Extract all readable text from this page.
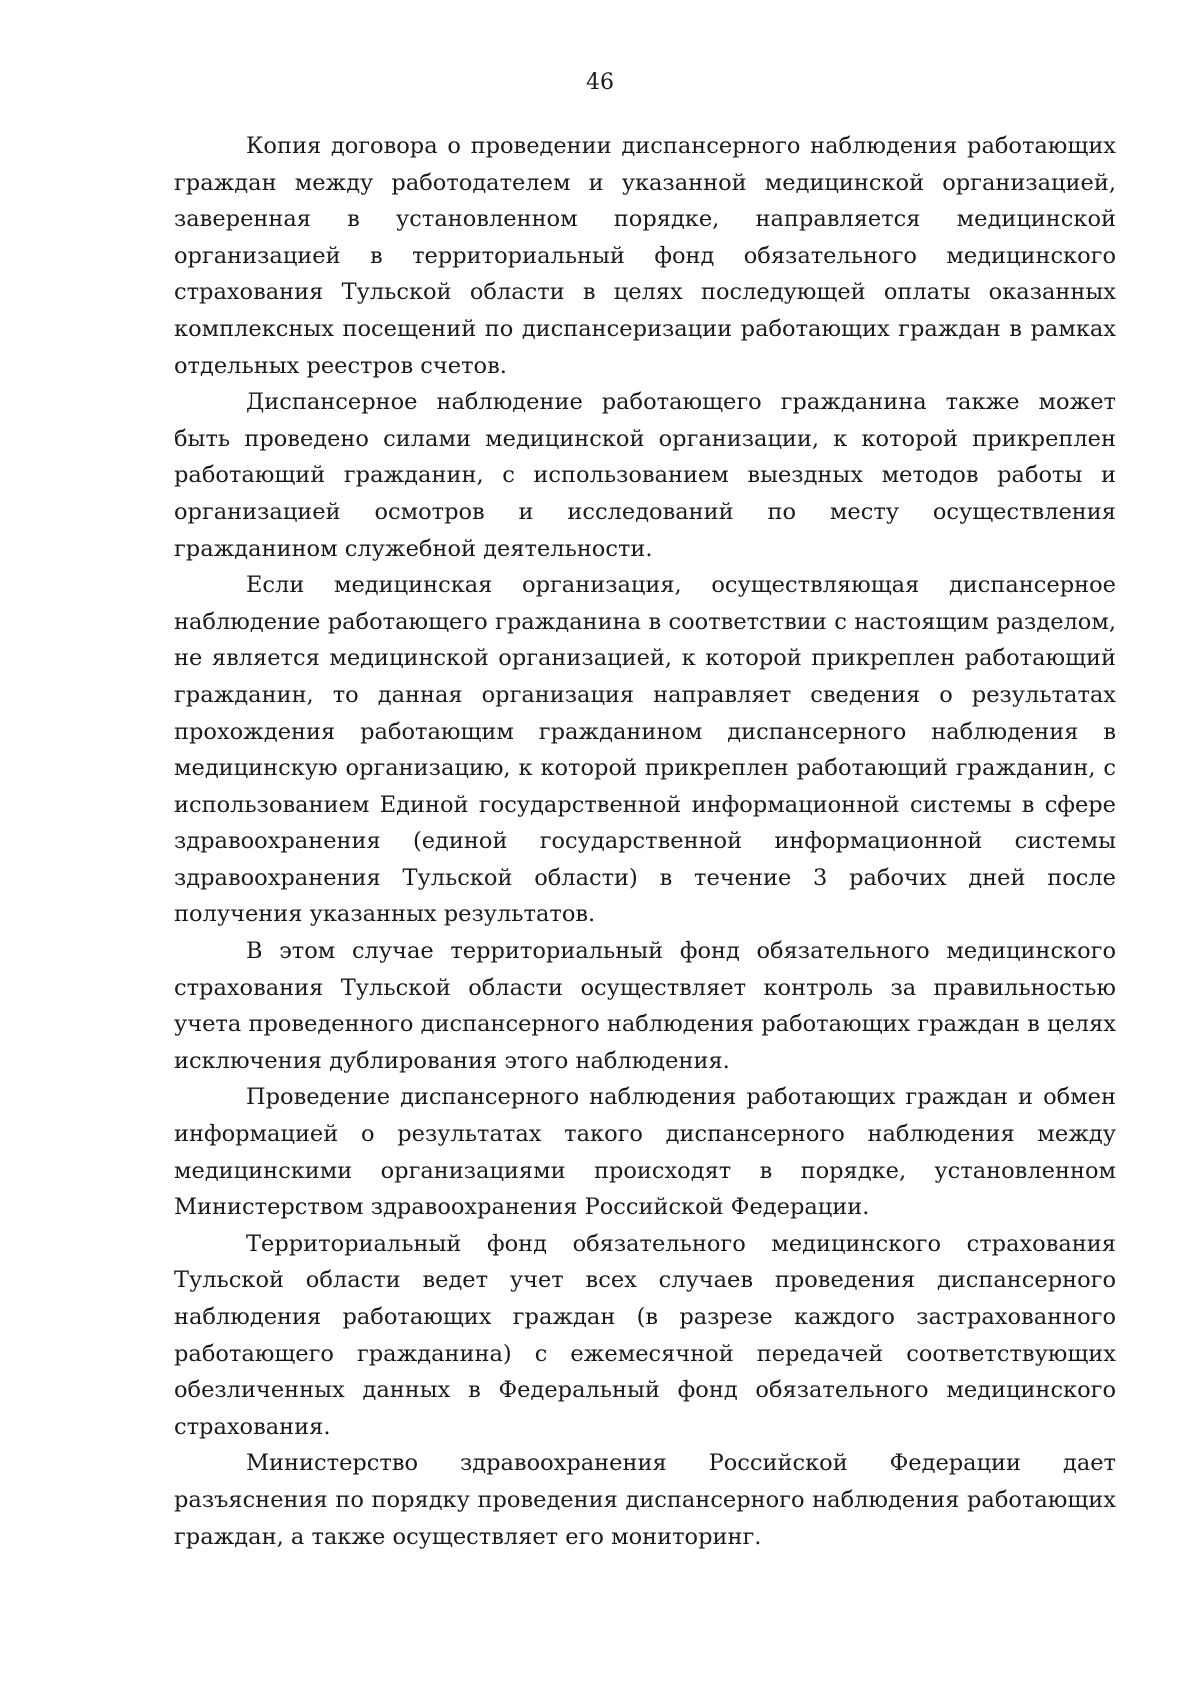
46

Копия договора о проведении диспансерного наблюдения работающих граждан между работодателем и указанной медицинской организацией, заверенная в установленном порядке, направляется медицинской организацией в территориальный фонд обязательного медицинского страхования Тульской области в целях последующей оплаты оказанных комплексных посещений по диспансеризации работающих граждан в рамках отдельных реестров счетов.

Диспансерное наблюдение работающего гражданина также может быть проведено силами медицинской организации, к которой прикреплен работающий гражданин, с использованием выездных методов работы и организацией осмотров и исследований по месту осуществления гражданином служебной деятельности.

Если медицинская организация, осуществляющая диспансерное наблюдение работающего гражданина в соответствии с настоящим разделом, не является медицинской организацией, к которой прикреплен работающий гражданин, то данная организация направляет сведения о результатах прохождения работающим гражданином диспансерного наблюдения в медицинскую организацию, к которой прикреплен работающий гражданин, с использованием Единой государственной информационной системы в сфере здравоохранения (единой государственной информационной системы здравоохранения Тульской области) в течение 3 рабочих дней после получения указанных результатов.

В этом случае территориальный фонд обязательного медицинского страхования Тульской области осуществляет контроль за правильностью учета проведенного диспансерного наблюдения работающих граждан в целях исключения дублирования этого наблюдения.

Проведение диспансерного наблюдения работающих граждан и обмен информацией о результатах такого диспансерного наблюдения между медицинскими организациями происходят в порядке, установленном Министерством здравоохранения Российской Федерации.

Территориальный фонд обязательного медицинского страхования Тульской области ведет учет всех случаев проведения диспансерного наблюдения работающих граждан (в разрезе каждого застрахованного работающего гражданина) с ежемесячной передачей соответствующих обезличенных данных в Федеральный фонд обязательного медицинского страхования.

Министерство здравоохранения Российской Федерации дает разъяснения по порядку проведения диспансерного наблюдения работающих граждан, а также осуществляет его мониторинг.
